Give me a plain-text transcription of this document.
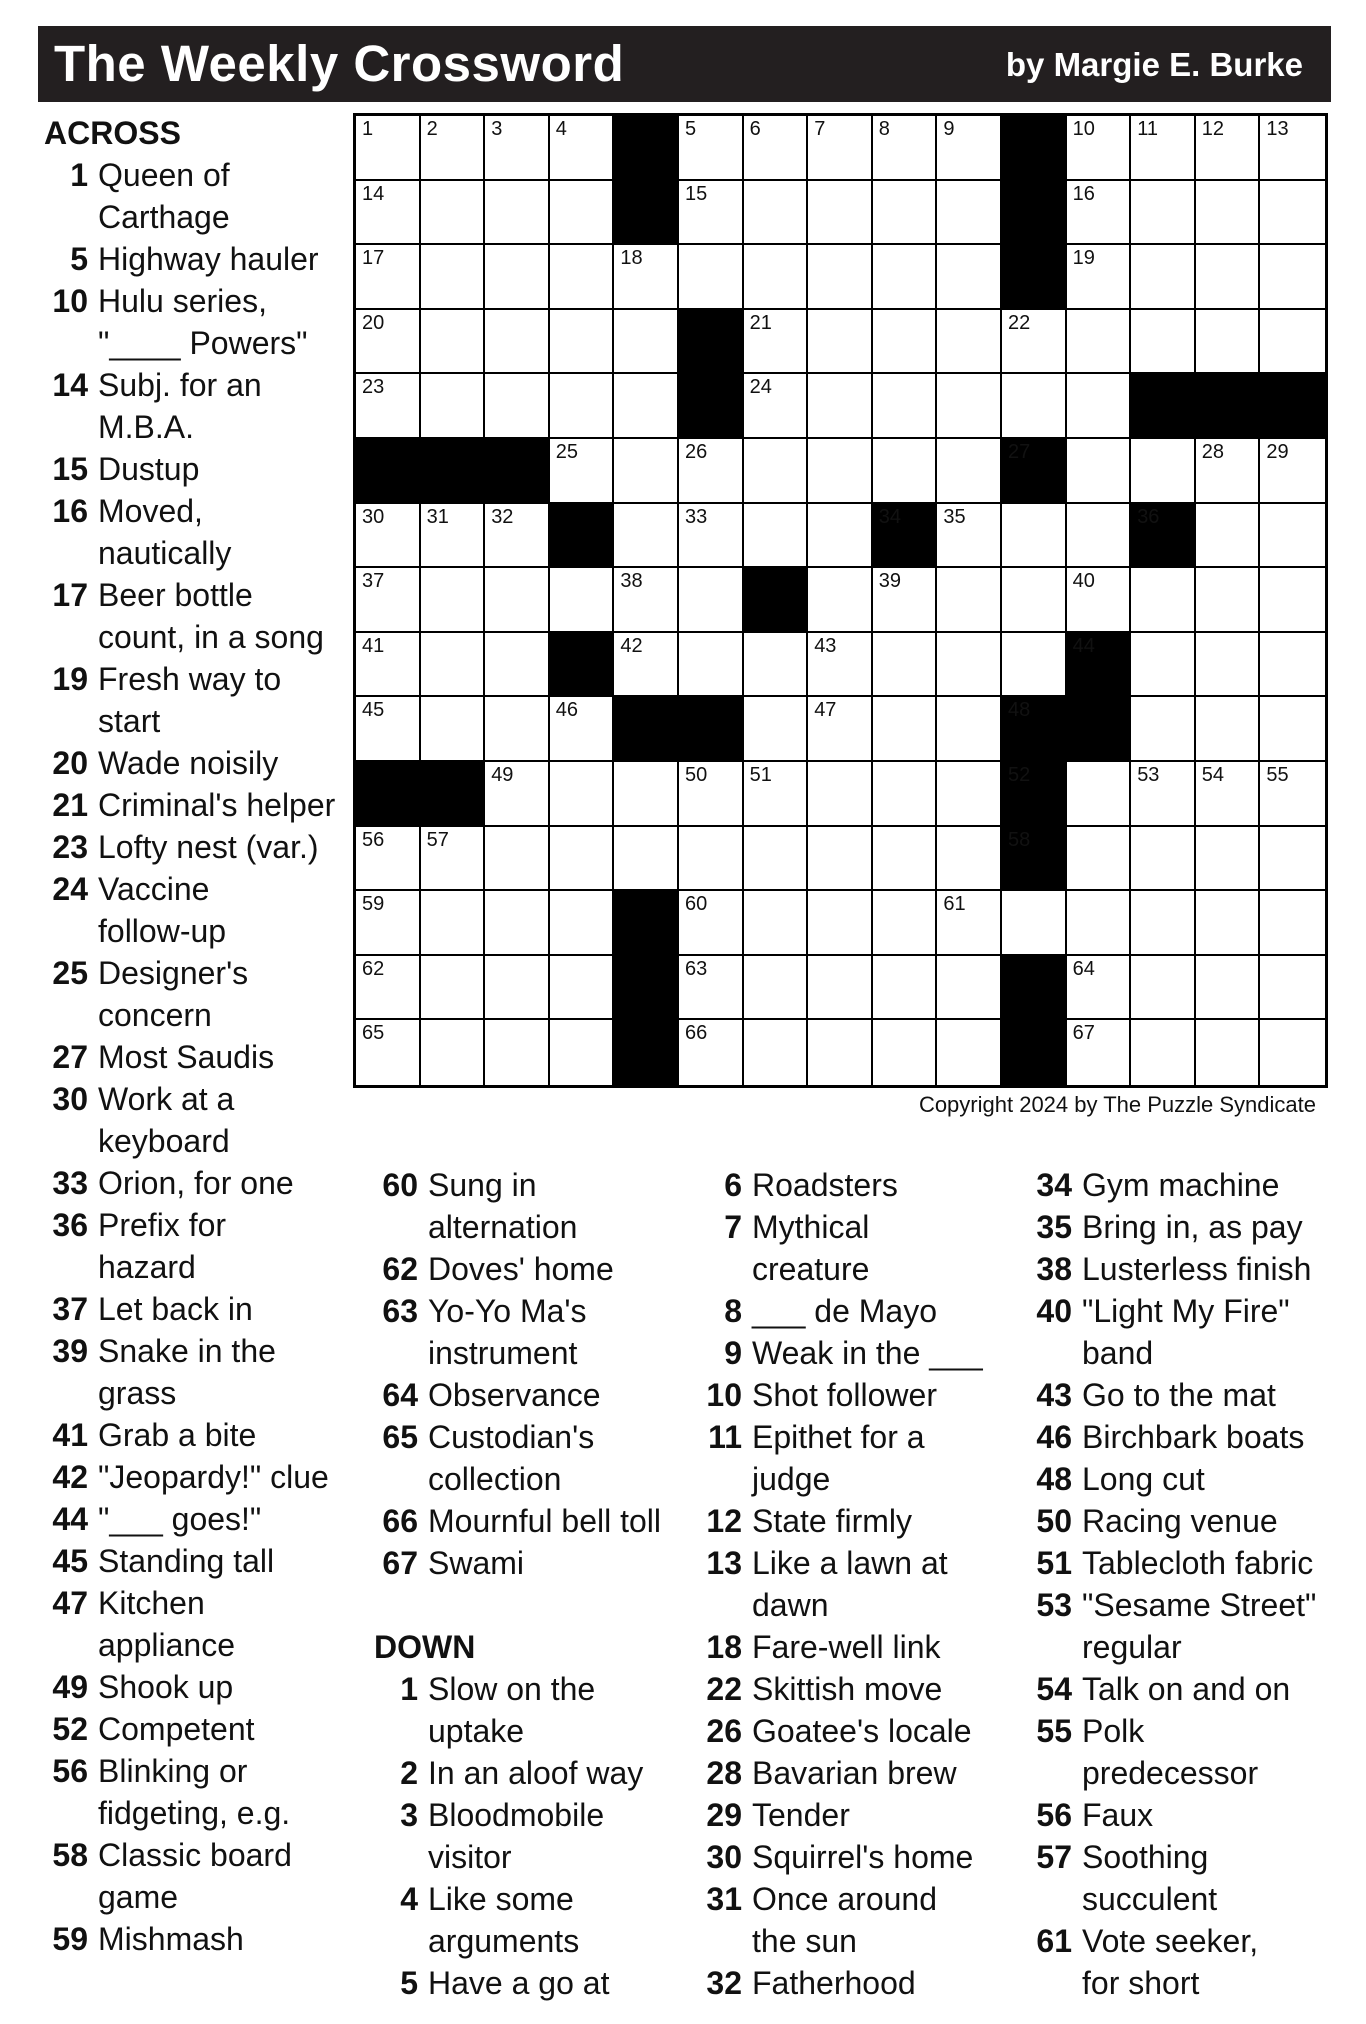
The Weekly Crossword	by Margie E. Burke
1	2	3	4	5	6	7	8	9	10 11 12 13
14	15	16
17	18	19
20	21	22
23	24
25	26	27	28 29
30 31 32	33	34 35	36
37	38	39	40
41	42	43	44
45	46	47	48
49	50 51	52	53 54 55
56 57	58
59	60	61
62	63	64
65	66	67
Copyright 2024 by The Puzzle Syndicate
ACROSS
1 Queen of
Carthage
5 Highway hauler
10 Hulu series,
"____ Powers"
14 Subj. for an
M.B.A.
15 Dustup
16 Moved,
nautically
17 Beer bottle
count, in a song
19 Fresh way to
start
20 Wade noisily
21 Criminal's helper
23 Lofty nest (var.)
24 Vaccine
follow-up
25 Designer's
concern
27 Most Saudis
30 Work at a
keyboard
33 Orion, for one
36 Prefix for
hazard
37 Let back in
39 Snake in the
grass
41 Grab a bite
42 "Jeopardy!" clue
44 "___ goes!"
45 Standing tall
47 Kitchen
appliance
49 Shook up
52 Competent
56 Blinking or
fidgeting, e.g.
58 Classic board
game
59 Mishmash
60 Sung in
alternation
62 Doves' home
63 Yo-Yo Ma's
instrument
64 Observance
65 Custodian's
collection
66 Mournful bell toll
67 Swami
DOWN
1 Slow on the
uptake
2 In an aloof way
3 Bloodmobile
visitor
4 Like some
arguments
5 Have a go at
6 Roadsters
7 Mythical
creature
8 ___ de Mayo
9 Weak in the ___
10 Shot follower
11 Epithet for a
judge
12 State firmly
13 Like a lawn at
dawn
18 Fare-well link
22 Skittish move
26 Goatee's locale
28 Bavarian brew
29 Tender
30 Squirrel's home
31 Once around
the sun
32 Fatherhood
34 Gym machine
35 Bring in, as pay
38 Lusterless finish
40 "Light My Fire"
band
43 Go to the mat
46 Birchbark boats
48 Long cut
50 Racing venue
51 Tablecloth fabric
53 "Sesame Street"
regular
54 Talk on and on
55 Polk
predecessor
56 Faux
57 Soothing
succulent
61 Vote seeker,
for short
